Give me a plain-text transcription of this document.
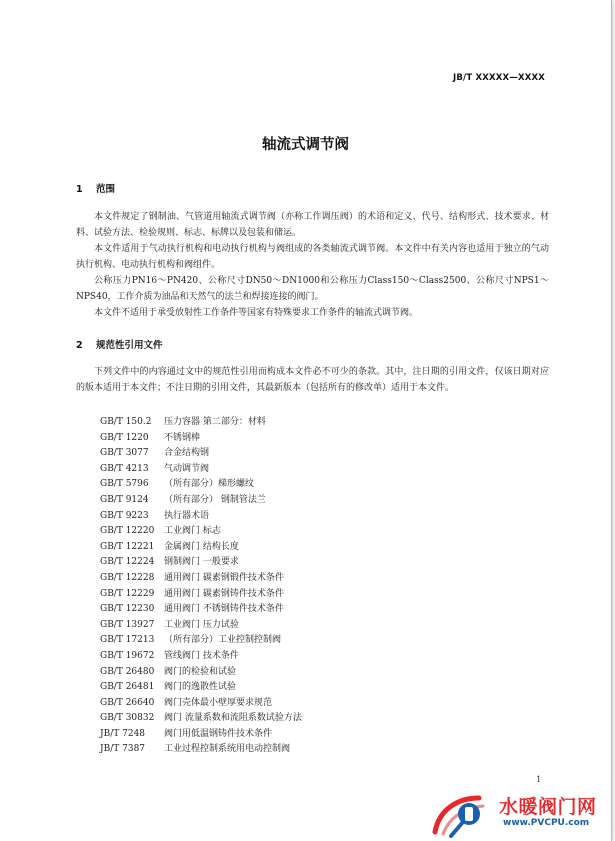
JB/T XXXXX—XXXX
轴流式调节阀
1 范围

本文件规定了钢制油、气管道用轴流式调节阀（亦称工作调压阀）的术语和定义、代号、结构形式、技术要求、材料、试验方法、检验规则、标志、标牌以及包装和储运。

本文件适用于气动执行机构和电动执行机构与阀组成的各类轴流式调节阀。本文件中有关内容也适用于独立的气动执行机构、电动执行机构和阀组件。

公称压力PN16～PN420、公称尺寸DN50～DN1000和公称压力Class150～Class2500、公称尺寸NPS1～NPS40，工作介质为油品和天然气的法兰和焊接连接的阀门。

本文件不适用于承受放射性工作条件等国家有特殊要求工作条件的轴流式调节阀。

2 规范性引用文件

下列文件中的内容通过文中的规范性引用而构成本文件必不可少的条款。其中，注日期的引用文件，仅该日期对应的版本适用于本文件；不注日期的引用文件，其最新版本（包括所有的修改单）适用于本文件。

GB/T 150.2 压力容器 第二部分：材料
GB/T 1220 不锈钢棒
GB/T 3077 合金结构钢
GB/T 4213 气动调节阀
GB/T 5796 （所有部分）梯形螺纹
GB/T 9124 （所有部分） 钢制管法兰
GB/T 9223 执行器术语
GB/T 12220 工业阀门 标志
GB/T 12221 金属阀门 结构长度
GB/T 12224 钢制阀门 一般要求
GB/T 12228 通用阀门 碳素钢锻件技术条件
GB/T 12229 通用阀门 碳素钢铸件技术条件
GB/T 12230 通用阀门 不锈钢铸件技术条件
GB/T 13927 工业阀门 压力试验
GB/T 17213 （所有部分）工业控制控制阀
GB/T 19672 管线阀门 技术条件
GB/T 26480 阀门的检验和试验
GB/T 26481 阀门的逸散性试验
GB/T 26640 阀门壳体最小壁厚要求规范
GB/T 30832 阀门 流量系数和流阻系数试验方法
JB/T 7248 阀门用低温钢铸件技术条件
JB/T 7387 工业过程控制系统用电动控制阀
1
水暖阀门网
www.PVCPU.com
